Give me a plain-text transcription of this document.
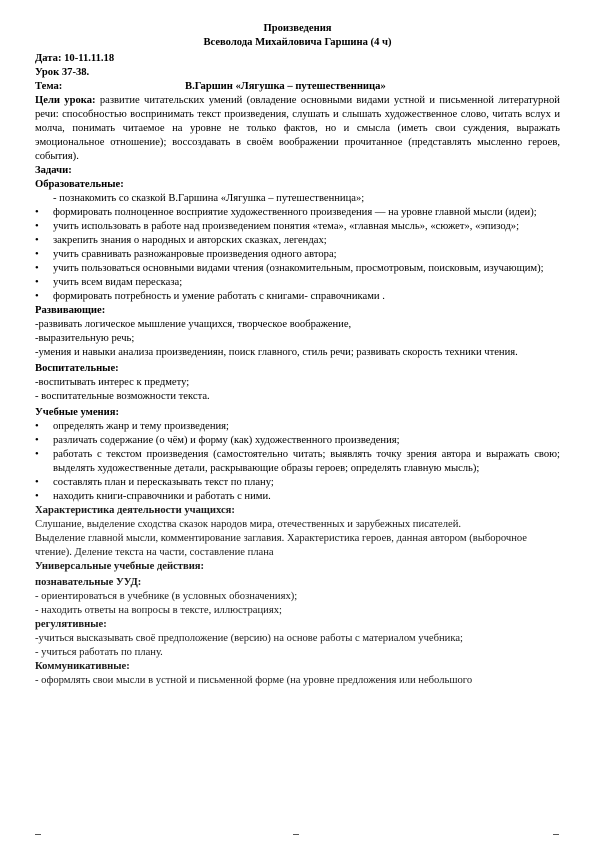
Произведения
Всеволода Михайловича Гаршина (4 ч)
Дата: 10-11.11.18
Урок 37-38.
Тема:	В.Гаршин «Лягушка – путешественница»

Цели урока: развитие читательских умений (овладение основными видами устной и письменной литературной речи: способностью воспринимать текст произведения, слушать и слышать художественное слово, читать вслух и молча, понимать читаемое на уровне не только фактов, но и смысла (иметь свои суждения, выражать эмоциональное отношение); воссоздавать в своём воображении прочитанное (представлять мысленно героев, события).

Задачи:
Образовательные:
- познакомить со сказкой В.Гаршина «Лягушка – путешественница»;
• формировать полноценное восприятие художественного произведения — на уровне главной мысли (идеи);
• учить использовать в работе над произведением понятия «тема», «главная мысль», «сюжет», «эпизод»;
• закрепить знания о народных и авторских сказках, легендах;
• учить сравнивать разножанровые произведения одного автора;
• учить пользоваться основными видами чтения (ознакомительным, просмотровым, поисковым, изучающим);
• учить всем видам пересказа;
• формировать потребность и умение работать с книгами- справочниками .
Развивающие:
-развивать логическое мышление учащихся, творческое воображение,
-выразительную речь;
-умения и навыки анализа произведениян, поиск главного, стиль речи; развивать скорость техники чтения.
Воспитательные:
-воспитывать интерес к предмету;
- воспитательные возможности текста.
Учебные умения:
• определять жанр и тему произведения;
• различать содержание (о чём) и форму (как) художественного произведения;
• работать с текстом произведения (самостоятельно читать; выявлять точку зрения автора и выражать свою; выделять художественные детали, раскрывающие образы героев; определять главную мысль);
• составлять план и пересказывать текст по плану;
• находить книги-справочники и работать с ними.
Характеристика деятельности учащихся:
Слушание, выделение сходства сказок народов мира, отечественных и зарубежных писателей.
Выделение главной мысли, комментирование заглавия. Характеристика героев, данная автором (выборочное чтение). Деление текста на части, составление плана
Универсальные учебные действия:
познавательные УУД:
- ориентироваться в учебнике (в условных обозначениях);
- находить ответы на вопросы в тексте, иллюстрациях;
регулятивные:
-учиться высказывать своё предположение (версию) на основе работы с материалом учебника;
- учиться работать по плану.
Коммуникативные:
- оформлять свои мысли в устной и письменной форме (на уровне предложения или небольшого
